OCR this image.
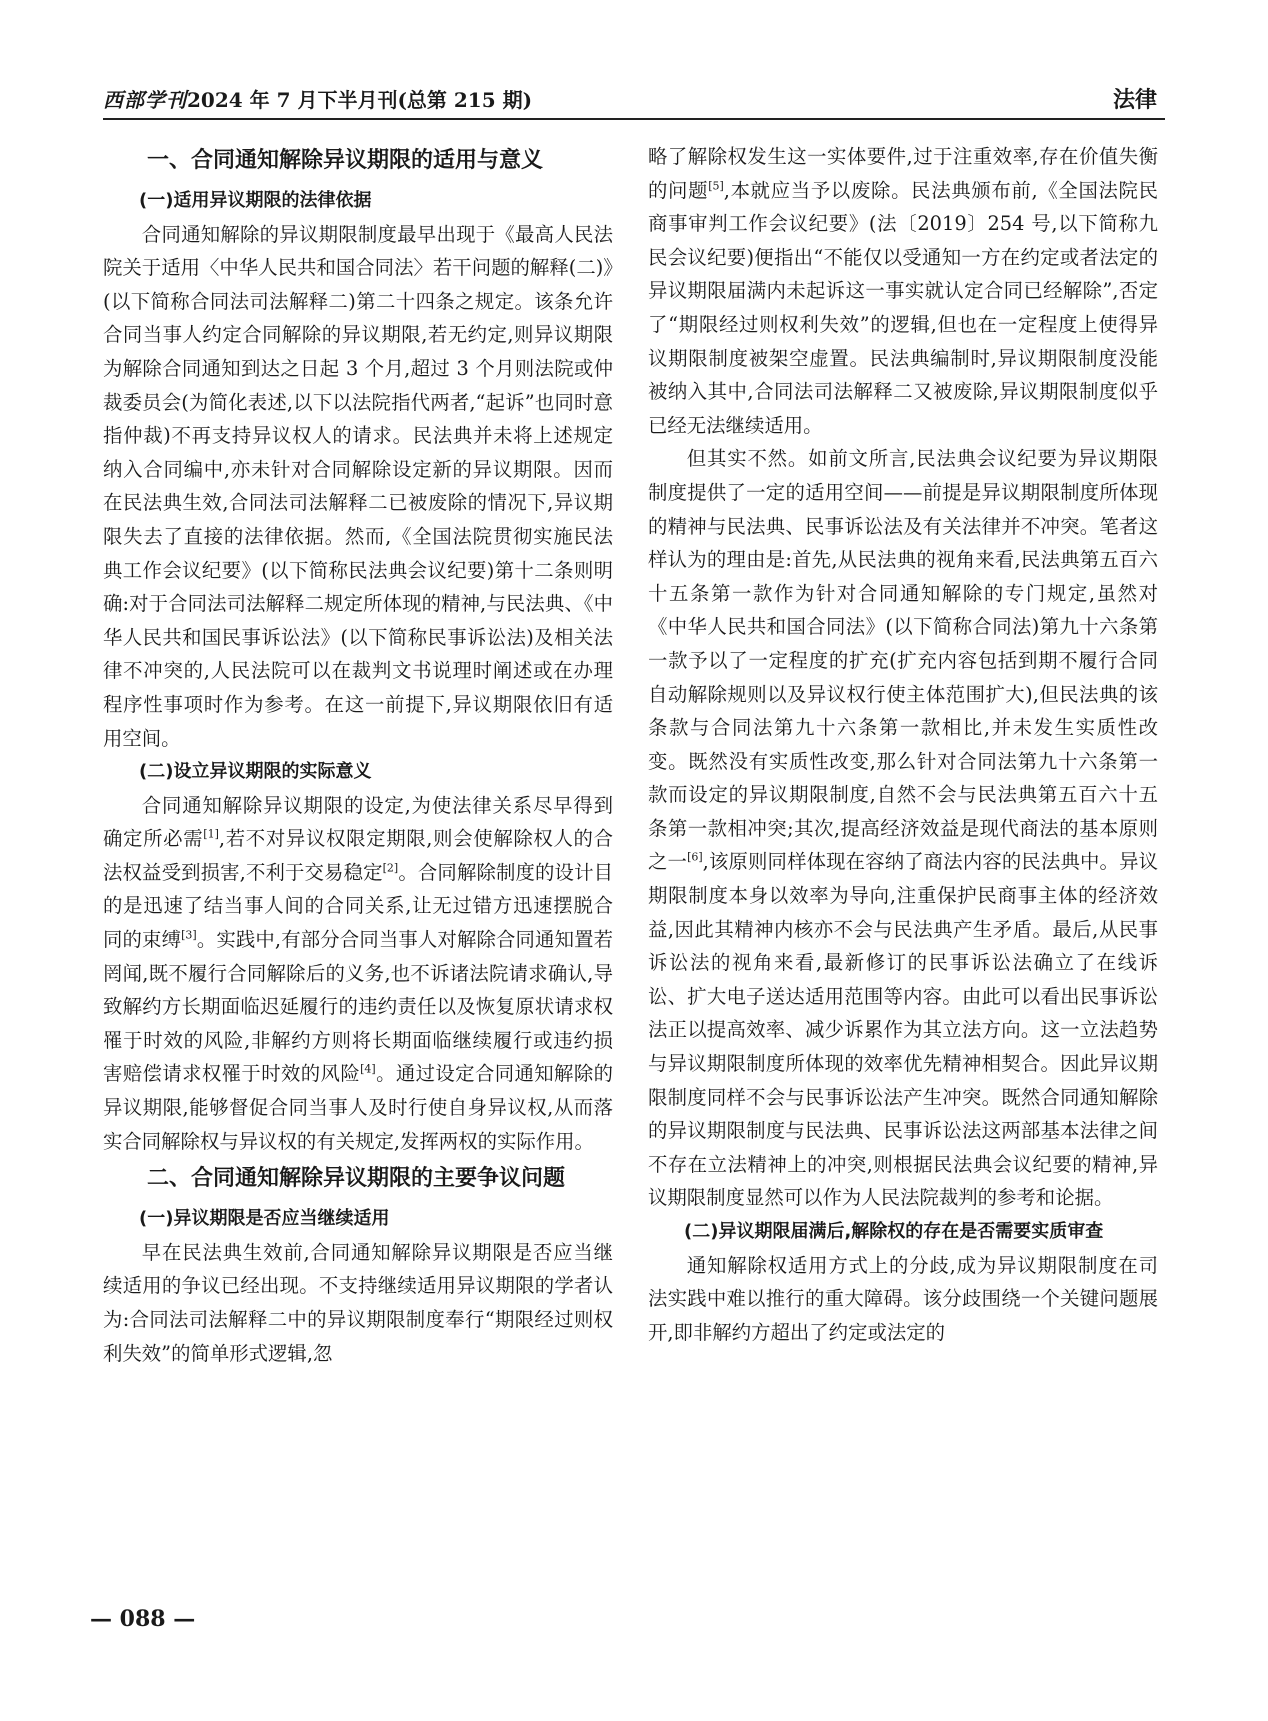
西部学刊2024 年 7 月下半月刊(总第 215 期)	法律
一、合同通知解除异议期限的适用与意义
(一)适用异议期限的法律依据

合同通知解除的异议期限制度最早出现于《最高人民法院关于适用〈中华人民共和国合同法〉若干问题的解释(二)》(以下简称合同法司法解释二)第二十四条之规定。该条允许合同当事人约定合同解除的异议期限,若无约定,则异议期限为解除合同通知到达之日起 3 个月,超过 3 个月则法院或仲裁委员会(为简化表述,以下以法院指代两者,“起诉”也同时意指仲裁)不再支持异议权人的请求。民法典并未将上述规定纳入合同编中,亦未针对合同解除设定新的异议期限。因而在民法典生效,合同法司法解释二已被废除的情况下,异议期限失去了直接的法律依据。然而,《全国法院贯彻实施民法典工作会议纪要》(以下简称民法典会议纪要)第十二条则明确:对于合同法司法解释二规定所体现的精神,与民法典、《中华人民共和国民事诉讼法》(以下简称民事诉讼法)及相关法律不冲突的,人民法院可以在裁判文书说理时阐述或在办理程序性事项时作为参考。在这一前提下,异议期限依旧有适用空间。

(二)设立异议期限的实际意义

合同通知解除异议期限的设定,为使法律关系尽早得到确定所必需[1],若不对异议权限定期限,则会使解除权人的合法权益受到损害,不利于交易稳定[2]。合同解除制度的设计目的是迅速了结当事人间的合同关系,让无过错方迅速摆脱合同的束缚[3]。实践中,有部分合同当事人对解除合同通知置若罔闻,既不履行合同解除后的义务,也不诉诸法院请求确认,导致解约方长期面临迟延履行的违约责任以及恢复原状请求权罹于时效的风险,非解约方则将长期面临继续履行或违约损害赔偿请求权罹于时效的风险[4]。通过设定合同通知解除的异议期限,能够督促合同当事人及时行使自身异议权,从而落实合同解除权与异议权的有关规定,发挥两权的实际作用。

二、合同通知解除异议期限的主要争议问题
(一)异议期限是否应当继续适用

早在民法典生效前,合同通知解除异议期限是否应当继续适用的争议已经出现。不支持继续适用异议期限的学者认为:合同法司法解释二中的异议期限制度奉行“期限经过则权利失效”的简单形式逻辑,忽

略了解除权发生这一实体要件,过于注重效率,存在价值失衡的问题[5],本就应当予以废除。民法典颁布前,《全国法院民商事审判工作会议纪要》(法〔2019〕254 号,以下简称九民会议纪要)便指出“不能仅以受通知一方在约定或者法定的异议期限届满内未起诉这一事实就认定合同已经解除”,否定了“期限经过则权利失效”的逻辑,但也在一定程度上使得异议期限制度被架空虚置。民法典编制时,异议期限制度没能被纳入其中,合同法司法解释二又被废除,异议期限制度似乎已经无法继续适用。

但其实不然。如前文所言,民法典会议纪要为异议期限制度提供了一定的适用空间——前提是异议期限制度所体现的精神与民法典、民事诉讼法及有关法律并不冲突。笔者这样认为的理由是:首先,从民法典的视角来看,民法典第五百六十五条第一款作为针对合同通知解除的专门规定,虽然对《中华人民共和国合同法》(以下简称合同法)第九十六条第一款予以了一定程度的扩充(扩充内容包括到期不履行合同自动解除规则以及异议权行使主体范围扩大),但民法典的该条款与合同法第九十六条第一款相比,并未发生实质性改变。既然没有实质性改变,那么针对合同法第九十六条第一款而设定的异议期限制度,自然不会与民法典第五百六十五条第一款相冲突;其次,提高经济效益是现代商法的基本原则之一[6],该原则同样体现在容纳了商法内容的民法典中。异议期限制度本身以效率为导向,注重保护民商事主体的经济效益,因此其精神内核亦不会与民法典产生矛盾。最后,从民事诉讼法的视角来看,最新修订的民事诉讼法确立了在线诉讼、扩大电子送达适用范围等内容。由此可以看出民事诉讼法正以提高效率、减少诉累作为其立法方向。这一立法趋势与异议期限制度所体现的效率优先精神相契合。因此异议期限制度同样不会与民事诉讼法产生冲突。既然合同通知解除的异议期限制度与民法典、民事诉讼法这两部基本法律之间不存在立法精神上的冲突,则根据民法典会议纪要的精神,异议期限制度显然可以作为人民法院裁判的参考和论据。

(二)异议期限届满后,解除权的存在是否需要实质审查

通知解除权适用方式上的分歧,成为异议期限制度在司法实践中难以推行的重大障碍。该分歧围绕一个关键问题展开,即非解约方超出了约定或法定的

— 088 —
